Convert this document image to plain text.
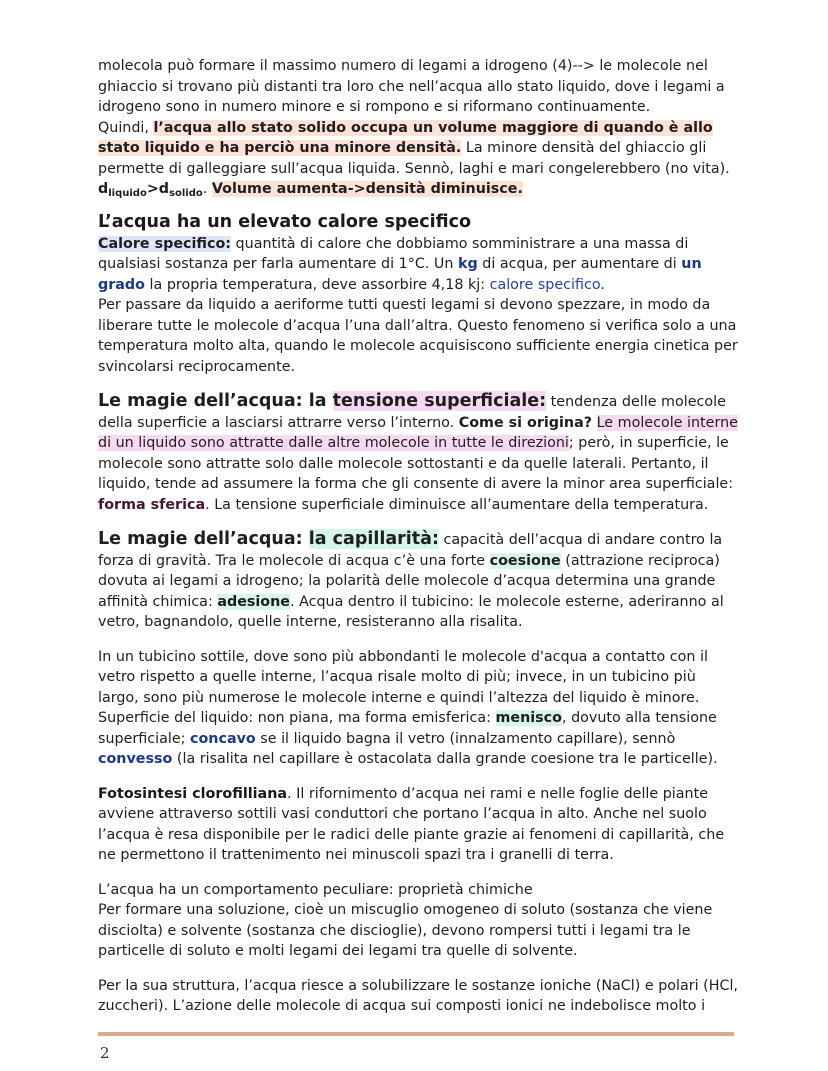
molecola può formare il massimo numero di legami a idrogeno (4)--> le molecole nel ghiaccio si trovano più distanti tra loro che nell’acqua allo stato liquido, dove i legami a idrogeno sono in numero minore e si rompono e si riformano continuamente.  Quindi, l’acqua allo stato solido occupa un volume maggiore di quando è allo stato liquido e ha perciò una minore densità. La minore densità del ghiaccio gli permette di galleggiare sull’acqua liquida. Sennò, laghi e mari congelerebbero (no vita). $d_{liquido}>d_{solido}$. Volume aumenta->densità diminuisce.

L’acqua ha un elevato calore specifico

Calore specifico: quantità di calore che dobbiamo somministrare a una massa di qualsiasi sostanza per farla aumentare di 1°C. Un kg di acqua, per aumentare di un grado la propria temperatura, deve assorbire 4,18 kj: calore specifico.

Per passare da liquido a aeriforme tutti questi legami si devono spezzare, in modo da liberare tutte le molecole d’acqua l’una dall’altra. Questo fenomeno si verifica solo a una temperatura molto alta, quando le molecole acquisiscono sufficiente energia cinetica per svincolarsi reciprocamente.

Le magie dell’acqua: la tensione superficiale: tendenza delle molecole della superficie a lasciarsi attrarre verso l’interno. Come si origina? Le molecole interne di un liquido sono attratte dalle altre molecole in tutte le direzioni; però, in superficie, le molecole sono attratte solo dalle molecole sottostanti e da quelle laterali. Pertanto, il liquido, tende ad assumere la forma che gli consente di avere la minor area superficiale: forma sferica. La tensione superficiale diminuisce all’aumentare della temperatura.

Le magie dell’acqua: la capillarità: capacità dell’acqua di andare contro la forza di gravità. Tra le molecole di acqua c’è una forte coesione (attrazione reciproca) dovuta ai legami a idrogeno; la polarità delle molecole d’acqua determina una grande affinità chimica: adesione. Acqua dentro il tubicino: le molecole esterne, aderiranno al vetro, bagnandolo, quelle interne, resisteranno alla risalita.

In un tubicino sottile, dove sono più abbondanti le molecole d'acqua a contatto con il vetro rispetto a quelle interne, l’acqua risale molto di più; invece, in un tubicino più largo, sono più numerose le molecole interne e quindi l’altezza del liquido è minore.

Superficie del liquido: non piana, ma forma emisferica: menisco, dovuto alla tensione superficiale; concavo se il liquido bagna il vetro (innalzamento capillare), sennò convesso (la risalita nel capillare è ostacolata dalla grande coesione tra le particelle).

Fotosintesi clorofilliana. Il rifornimento d’acqua nei rami e nelle foglie delle piante avviene attraverso sottili vasi conduttori che portano l’acqua in alto. Anche nel suolo l’acqua è resa disponibile per le radici delle piante grazie ai fenomeni di capillarità, che ne permettono il trattenimento nei minuscoli spazi tra i granelli di terra.

L’acqua ha un comportamento peculiare: proprietà chimiche

Per formare una soluzione, cioè un miscuglio omogeneo di soluto (sostanza che viene disciolta) e solvente (sostanza che discioglie), devono rompersi tutti i legami tra le particelle di soluto e molti legami dei legami tra quelle di solvente.

Per la sua struttura, l’acqua riesce a solubilizzare le sostanze ioniche (NaCl) e polari (HCl, zuccheri). L’azione delle molecole di acqua sui composti ionici ne indebolisce molto i

2
